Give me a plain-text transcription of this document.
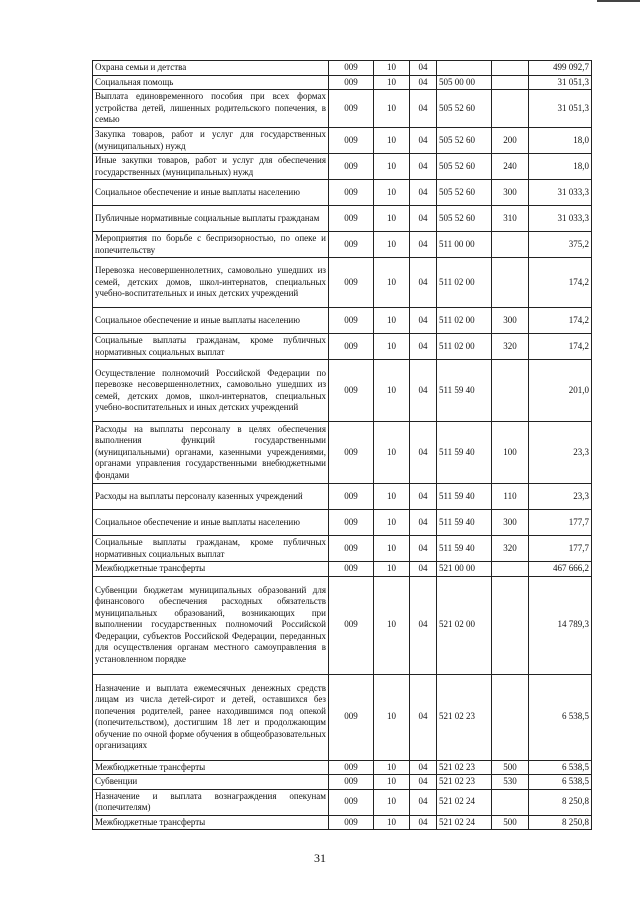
Охрана семьи и детства	009	10	04			499 092,7
Социальная помощь	009	10	04	505 00 00		31 051,3
Выплата единовременного пособия при всех формах устройства детей, лишенных родительского попечения, в семью	009	10	04	505 52 60		31 051,3
Закупка товаров, работ и услуг для государственных (муниципальных) нужд	009	10	04	505 52 60	200	18,0
Иные закупки товаров, работ и услуг для обеспечения государственных (муниципальных) нужд	009	10	04	505 52 60	240	18,0
Социальное обеспечение и иные выплаты населению	009	10	04	505 52 60	300	31 033,3
Публичные нормативные социальные выплаты гражданам	009	10	04	505 52 60	310	31 033,3
Мероприятия по борьбе с беспризорностью, по опеке и попечительству	009	10	04	511 00 00		375,2
Перевозка несовершеннолетних, самовольно ушедших из семей, детских домов, школ-интернатов, специальных учебно-воспитательных и иных детских учреждений	009	10	04	511 02 00		174,2
Социальное обеспечение и иные выплаты населению	009	10	04	511 02 00	300	174,2
Социальные выплаты гражданам, кроме публичных нормативных социальных выплат	009	10	04	511 02 00	320	174,2
Осуществление полномочий Российской Федерации по перевозке несовершеннолетних, самовольно ушедших из семей, детских домов, школ-интернатов, специальных учебно-воспитательных и иных детских учреждений	009	10	04	511 59 40		201,0
Расходы на выплаты персоналу в целях обеспечения выполнения функций государственными (муниципальными) органами, казенными учреждениями, органами управления государственными внебюджетными фондами	009	10	04	511 59 40	100	23,3
Расходы на выплаты персоналу казенных учреждений	009	10	04	511 59 40	110	23,3
Социальное обеспечение и иные выплаты населению	009	10	04	511 59 40	300	177,7
Социальные выплаты гражданам, кроме публичных нормативных социальных выплат	009	10	04	511 59 40	320	177,7
Межбюджетные трансферты	009	10	04	521 00 00		467 666,2
Субвенции бюджетам муниципальных образований для финансового обеспечения расходных обязательств муниципальных образований, возникающих при выполнении государственных полномочий Российской Федерации, субъектов Российской Федерации, переданных для осуществления органам местного самоуправления в установленном порядке	009	10	04	521 02 00		14 789,3
Назначение и выплата ежемесячных денежных средств лицам из числа детей-сирот и детей, оставшихся без попечения родителей, ранее находившимся под опекой (попечительством), достигшим 18 лет и продолжающим обучение по очной форме обучения в общеобразовательных организациях	009	10	04	521 02 23		6 538,5
Межбюджетные трансферты	009	10	04	521 02 23	500	6 538,5
Субвенции	009	10	04	521 02 23	530	6 538,5
Назначение и выплата вознаграждения опекунам (попечителям)	009	10	04	521 02 24		8 250,8
Межбюджетные трансферты	009	10	04	521 02 24	500	8 250,8
31
